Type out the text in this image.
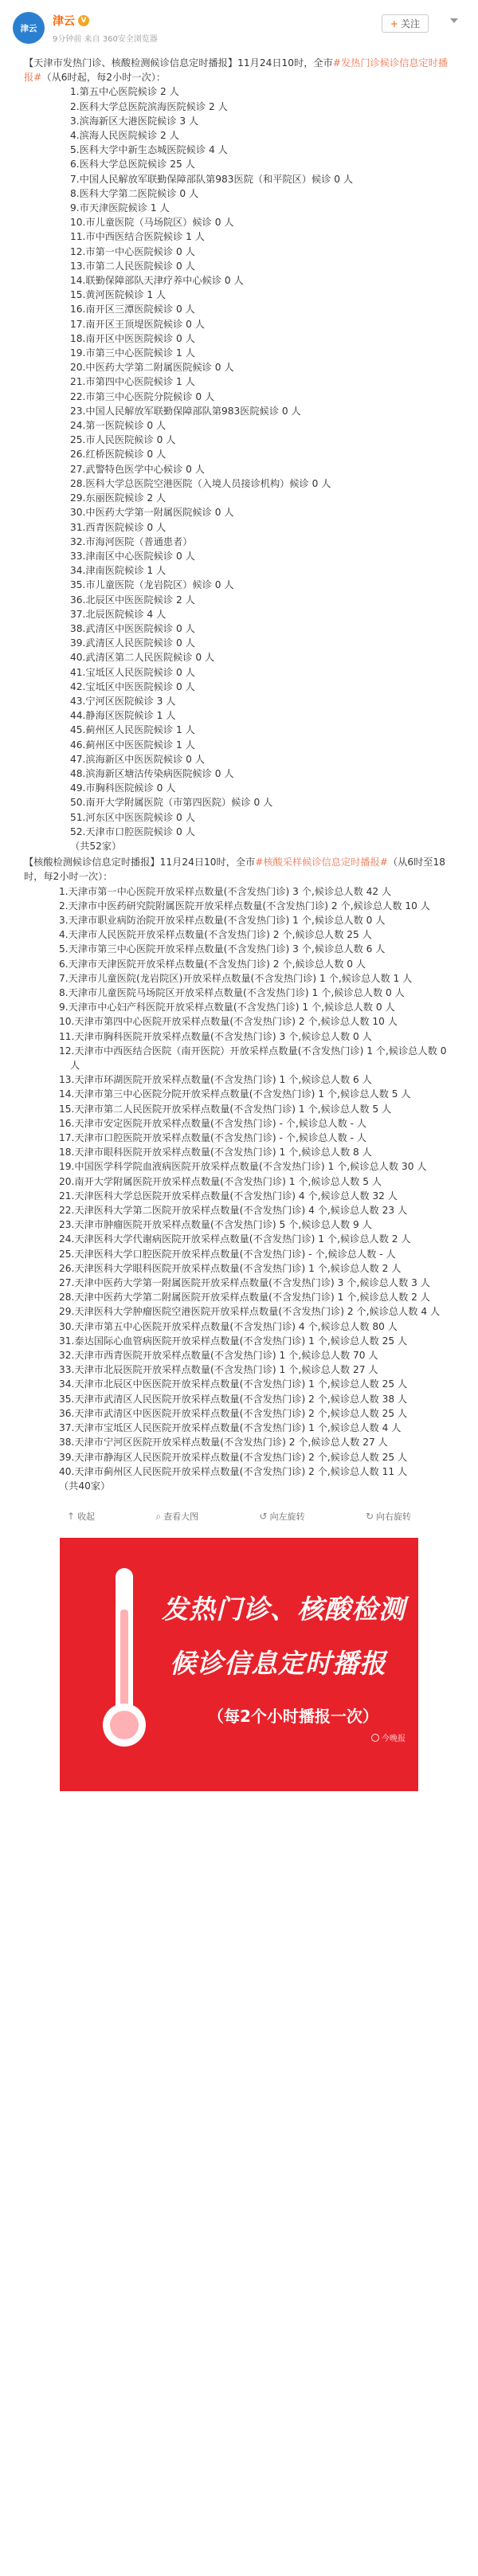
津云
津云 V
9分钟前 来自 360安全浏览器
+ 关注

【天津市发热门诊、核酸检测候诊信息定时播报】11月24日10时，全市#发热门诊候诊信息定时播报#（从6时起，每2小时一次）：

1.第五中心医院候诊 2 人
2.医科大学总医院滨海医院候诊 2 人
3.滨海新区大港医院候诊 3 人
4.滨海人民医院候诊 2 人
5.医科大学中新生态城医院候诊 4 人
6.医科大学总医院候诊 25 人
7.中国人民解放军联勤保障部队第983医院（和平院区）候诊 0 人
8.医科大学第二医院候诊 0 人
9.市天津医院候诊 1 人
10.市儿童医院（马场院区）候诊 0 人
11.市中西医结合医院候诊 1 人
12.市第一中心医院候诊 0 人
13.市第二人民医院候诊 0 人
14.联勤保障部队天津疗养中心候诊 0 人
15.黄河医院候诊 1 人
16.南开区三潭医院候诊 0 人
17.南开区王顶堤医院候诊 0 人
18.南开区中医医院候诊 0 人
19.市第三中心医院候诊 1 人
20.中医药大学第二附属医院候诊 0 人
21.市第四中心医院候诊 1 人
22.市第三中心医院分院候诊 0 人
23.中国人民解放军联勤保障部队第983医院候诊 0 人
24.第一医院候诊 0 人
25.市人民医院候诊 0 人
26.红桥医院候诊 0 人
27.武警特色医学中心候诊 0 人
28.医科大学总医院空港医院（入境人员接诊机构）候诊 0 人
29.东丽医院候诊 2 人
30.中医药大学第一附属医院候诊 0 人
31.西青医院候诊 0 人
32.市海河医院（普通患者）
33.津南区中心医院候诊 0 人
34.津南医院候诊 1 人
35.市儿童医院（龙岩院区）候诊 0 人
36.北辰区中医医院候诊 2 人
37.北辰医院候诊 4 人
38.武清区中医医院候诊 0 人
39.武清区人民医院候诊 0 人
40.武清区第二人民医院候诊 0 人
41.宝坻区人民医院候诊 0 人
42.宝坻区中医医院候诊 0 人
43.宁河区医院候诊 3 人
44.静海区医院候诊 1 人
45.蓟州区人民医院候诊 1 人
46.蓟州区中医医院候诊 1 人
47.滨海新区中医医院候诊 0 人
48.滨海新区塘沽传染病医院候诊 0 人
49.市胸科医院候诊 0 人
50.南开大学附属医院（市第四医院）候诊 0 人
51.河东区中医医院候诊 0 人
52.天津市口腔医院候诊 0 人

（共52家）

【核酸检测候诊信息定时播报】11月24日10时，全市#核酸采样候诊信息定时播报#（从6时至18时，每2小时一次）：

1.天津市第一中心医院开放采样点数量(不含发热门诊) 3 个,候诊总人数 42 人
2.天津市中医药研究院附属医院开放采样点数量(不含发热门诊) 2 个,候诊总人数 10 人
3.天津市职业病防治院开放采样点数量(不含发热门诊) 1 个,候诊总人数 0 人
4.天津市人民医院开放采样点数量(不含发热门诊) 2 个,候诊总人数 25 人
5.天津市第三中心医院开放采样点数量(不含发热门诊) 3 个,候诊总人数 6 人
6.天津市天津医院开放采样点数量(不含发热门诊) 2 个,候诊总人数 0 人
7.天津市儿童医院(龙岩院区)开放采样点数量(不含发热门诊) 1 个,候诊总人数 1 人
8.天津市儿童医院马场院区开放采样点数量(不含发热门诊) 1 个,候诊总人数 0 人
9.天津市中心妇产科医院开放采样点数量(不含发热门诊) 1 个,候诊总人数 0 人
10.天津市第四中心医院开放采样点数量(不含发热门诊) 2 个,候诊总人数 10 人
11.天津市胸科医院开放采样点数量(不含发热门诊) 3 个,候诊总人数 0 人
12.天津市中西医结合医院（南开医院）开放采样点数量(不含发热门诊) 1 个,候诊总人数 0 人
13.天津市环湖医院开放采样点数量(不含发热门诊) 1 个,候诊总人数 6 人
14.天津市第三中心医院分院开放采样点数量(不含发热门诊) 1 个,候诊总人数 5 人
15.天津市第二人民医院开放采样点数量(不含发热门诊) 1 个,候诊总人数 5 人
16.天津市安定医院开放采样点数量(不含发热门诊) - 个,候诊总人数 - 人
17.天津市口腔医院开放采样点数量(不含发热门诊) - 个,候诊总人数 - 人
18.天津市眼科医院开放采样点数量(不含发热门诊) 1 个,候诊总人数 8 人
19.中国医学科学院血液病医院开放采样点数量(不含发热门诊) 1 个,候诊总人数 30 人
20.南开大学附属医院开放采样点数量(不含发热门诊) 1 个,候诊总人数 5 人
21.天津医科大学总医院开放采样点数量(不含发热门诊) 4 个,候诊总人数 32 人
22.天津医科大学第二医院开放采样点数量(不含发热门诊) 4 个,候诊总人数 23 人
23.天津市肿瘤医院开放采样点数量(不含发热门诊) 5 个,候诊总人数 9 人
24.天津医科大学代谢病医院开放采样点数量(不含发热门诊) 1 个,候诊总人数 2 人
25.天津医科大学口腔医院开放采样点数量(不含发热门诊) - 个,候诊总人数 - 人
26.天津医科大学眼科医院开放采样点数量(不含发热门诊) 1 个,候诊总人数 2 人
27.天津中医药大学第一附属医院开放采样点数量(不含发热门诊) 3 个,候诊总人数 3 人
28.天津中医药大学第二附属医院开放采样点数量(不含发热门诊) 1 个,候诊总人数 2 人
29.天津医科大学肿瘤医院空港医院开放采样点数量(不含发热门诊) 2 个,候诊总人数 4 人
30.天津市第五中心医院开放采样点数量(不含发热门诊) 4 个,候诊总人数 80 人
31.泰达国际心血管病医院开放采样点数量(不含发热门诊) 1 个,候诊总人数 25 人
32.天津市西青医院开放采样点数量(不含发热门诊) 1 个,候诊总人数 70 人
33.天津市北辰医院开放采样点数量(不含发热门诊) 1 个,候诊总人数 27 人
34.天津市北辰区中医医院开放采样点数量(不含发热门诊) 1 个,候诊总人数 25 人
35.天津市武清区人民医院开放采样点数量(不含发热门诊) 2 个,候诊总人数 38 人
36.天津市武清区中医医院开放采样点数量(不含发热门诊) 2 个,候诊总人数 25 人
37.天津市宝坻区人民医院开放采样点数量(不含发热门诊) 1 个,候诊总人数 4 人
38.天津市宁河区医院开放采样点数量(不含发热门诊) 2 个,候诊总人数 27 人
39.天津市静海区人民医院开放采样点数量(不含发热门诊) 2 个,候诊总人数 25 人
40.天津市蓟州区人民医院开放采样点数量(不含发热门诊) 2 个,候诊总人数 11 人

（共40家）

↑ 收起	⌕ 查看大图	↺ 向左旋转	↻ 向右旋转
发热门诊、核酸检测
候诊信息定时播报
（每2个小时播报一次）
今晚报
